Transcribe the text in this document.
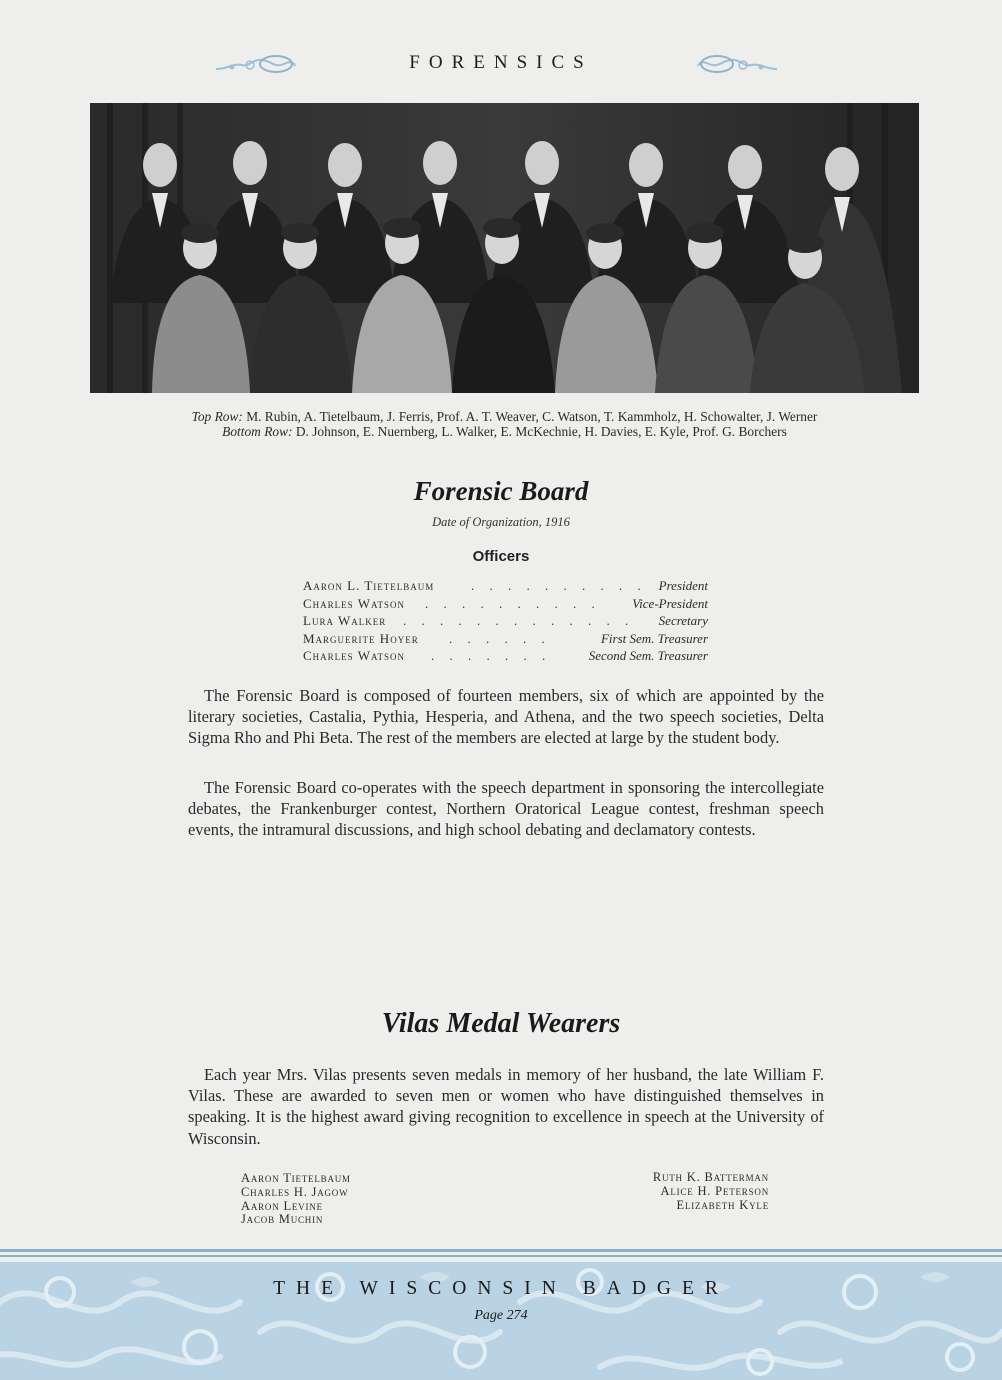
FORENSICS
Top Row: M. Rubin, A. Tietelbaum, J. Ferris, Prof. A. T. Weaver, C. Watson, T. Kammholz, H. Schowalter, J. Werner
Bottom Row: D. Johnson, E. Nuernberg, L. Walker, E. McKechnie, H. Davies, E. Kyle, Prof. G. Borchers
Forensic Board
Date of Organization, 1916
Officers
Aaron L. Tietelbaum	. . . . . . . . . . President
Charles Watson . . . . . . . . . . Vice-President
Lura Walker . . . . . . . . . . . . . Secretary
Marguerite Hoyer . . . . . .	First Sem. Treasurer
Charles Watson . . . . . . .	Second Sem. Treasurer

The Forensic Board is composed of fourteen members, six of which are appointed by the literary societies, Castalia, Pythia, Hesperia, and Athena, and the two speech societies, Delta Sigma Rho and Phi Beta. The rest of the members are elected at large by the student body.

The Forensic Board co-operates with the speech department in sponsoring the intercollegiate debates, the Frankenburger contest, Northern Oratorical League contest, freshman speech events, the intramural discussions, and high school debating and declamatory contests.

Vilas Medal Wearers

Each year Mrs. Vilas presents seven medals in memory of her husband, the late William F. Vilas. These are awarded to seven men or women who have distinguished themselves in speaking. It is the highest award giving recognition to excellence in speech at the University of Wisconsin.

Aaron Tietelbaum
Charles H. Jagow
Aaron Levine
Jacob Muchin
Ruth K. Batterman
Alice H. Peterson
Elizabeth Kyle
THE WISCONSIN BADGER
Page 274
